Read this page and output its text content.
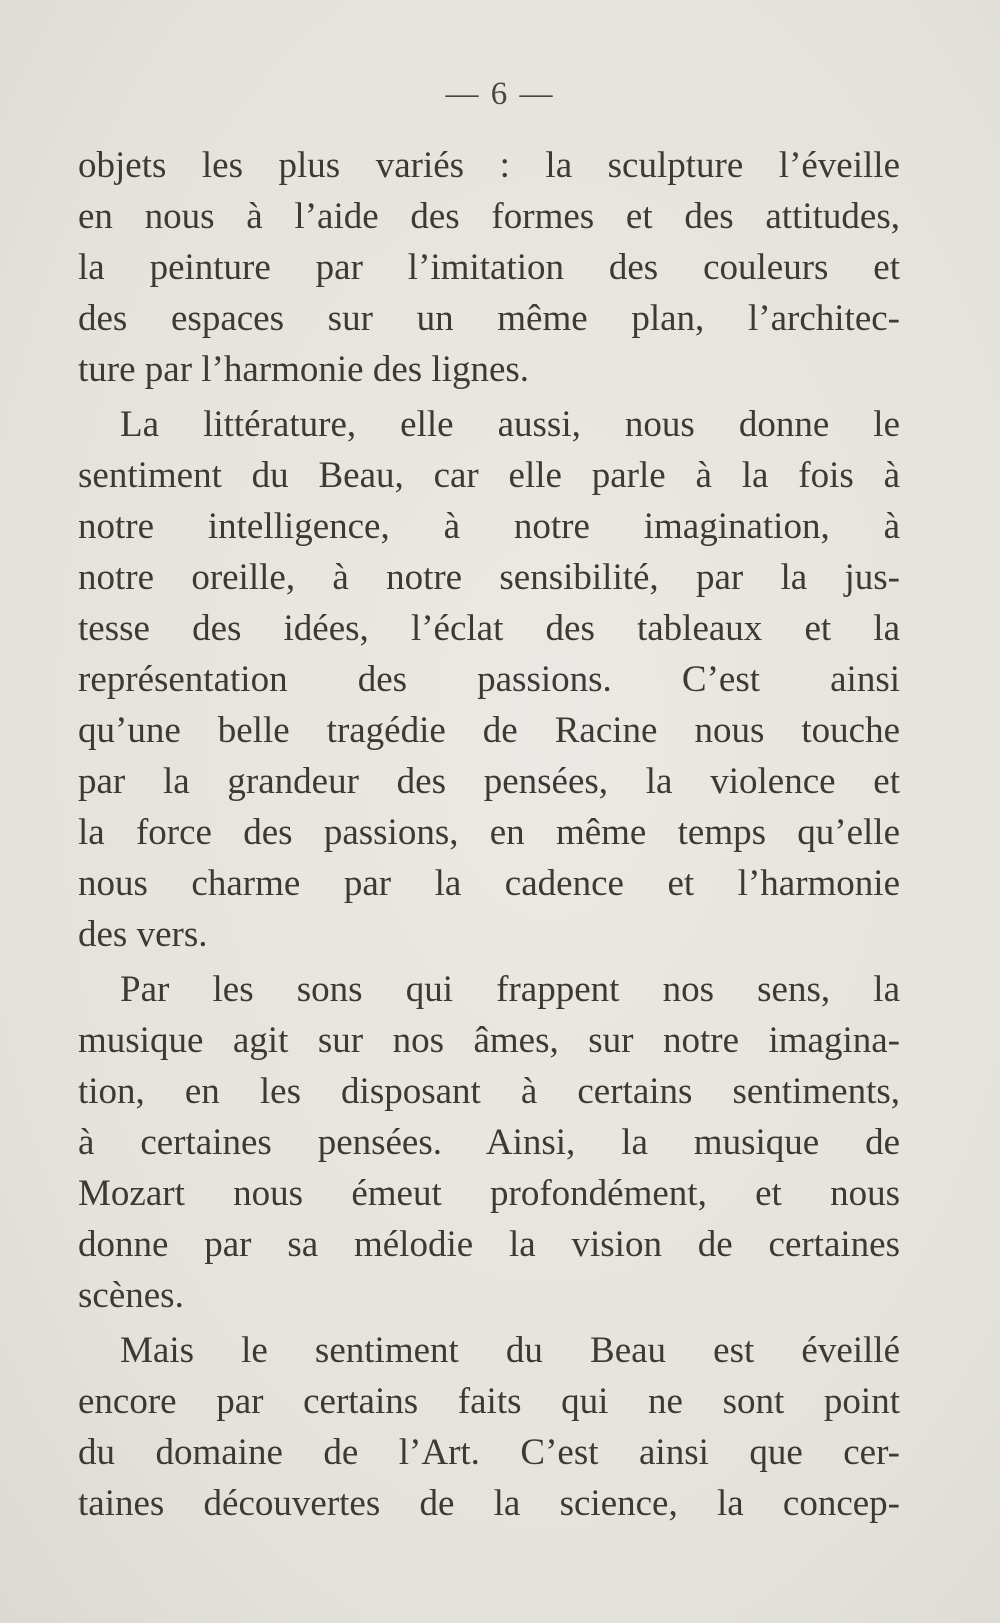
— 6 —
objets les plus variés : la sculpture l’éveille
en nous à l’aide des formes et des attitudes,
la peinture par l’imitation des couleurs et
des espaces sur un même plan, l’architec-
ture par l’harmonie des lignes.
La littérature, elle aussi, nous donne le
sentiment du Beau, car elle parle à la fois à
notre intelligence, à notre imagination, à
notre oreille, à notre sensibilité, par la jus-
tesse des idées, l’éclat des tableaux et la
représentation des passions. C’est ainsi
qu’une belle tragédie de Racine nous touche
par la grandeur des pensées, la violence et
la force des passions, en même temps qu’elle
nous charme par la cadence et l’harmonie
des vers.
Par les sons qui frappent nos sens, la
musique agit sur nos âmes, sur notre imagina-
tion, en les disposant à certains sentiments,
à certaines pensées. Ainsi, la musique de
Mozart nous émeut profondément, et nous
donne par sa mélodie la vision de certaines
scènes.
Mais le sentiment du Beau est éveillé
encore par certains faits qui ne sont point
du domaine de l’Art. C’est ainsi que cer-
taines découvertes de la science, la concep-
